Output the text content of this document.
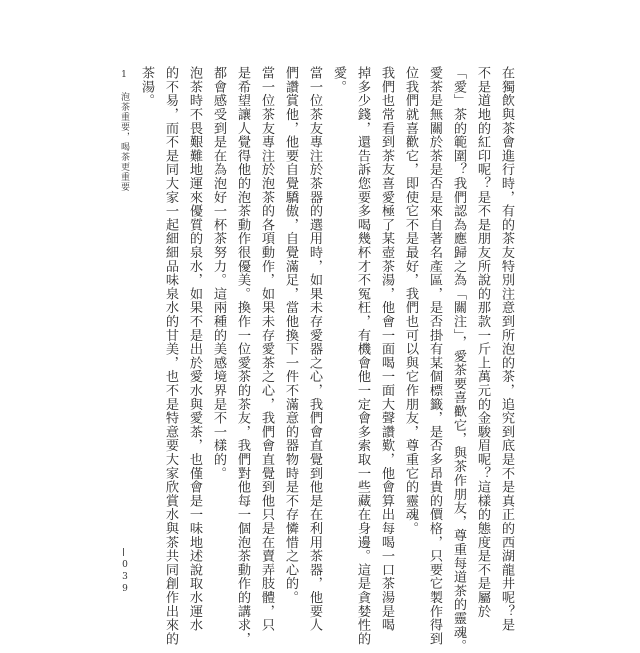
在獨飲與茶會進行時，有的茶友特別注意到所泡的茶，追究到底是不是真正的西湖龍井呢？是
不是道地的紅印呢？是不是朋友所說的那款一斤上萬元的金駿眉呢？這樣的態度是不是屬於
「愛」茶的範圍？我們認為應歸之為「關注」，愛茶要喜歡它，與茶作朋友，尊重每道茶的靈魂。
愛茶是無關於茶是否是來自著名產區，是否掛有某個標籤，是否多昂貴的價格，只要它製作得到
位我們就喜歡它，即使它不是最好，我們也可以與它作朋友，尊重它的靈魂。
我們也常看到茶友喜愛極了某壺茶湯，他會一面喝一面大聲讚歎，他會算出每喝一口茶湯是喝
掉多少錢，還告訴您要多喝幾杯才不冤枉，有機會他一定會多索取一些藏在身邊。這是貪婪性的
愛。
當一位茶友專注於茶器的選用時，如果未存愛器之心，我們會直覺到他是在利用茶器，他要人
們讚賞他，他要自覺驕傲，自覺滿足，當他換下一件不滿意的器物時是不存憐惜之心的。
當一位茶友專注於泡茶的各項動作，如果未存愛茶之心，我們會直覺到他只是在賣弄肢體，只
是希望讓人覺得他的泡茶動作很優美。換作一位愛茶的茶友，我們對他每一個泡茶動作的講求，
都會感受到是在為泡好一杯茶努力。這兩種的美感境界是不一樣的。
泡茶時不畏艱難地運來優質的泉水，如果不是出於愛水與愛茶，也僅會是一味地述說取水運水
的不易，而不是同大家一起細細品味泉水的甘美，也不是特意要大家欣賞水與茶共同創作出來的
茶湯。
1 泡茶重要，喝茶更重要
039
